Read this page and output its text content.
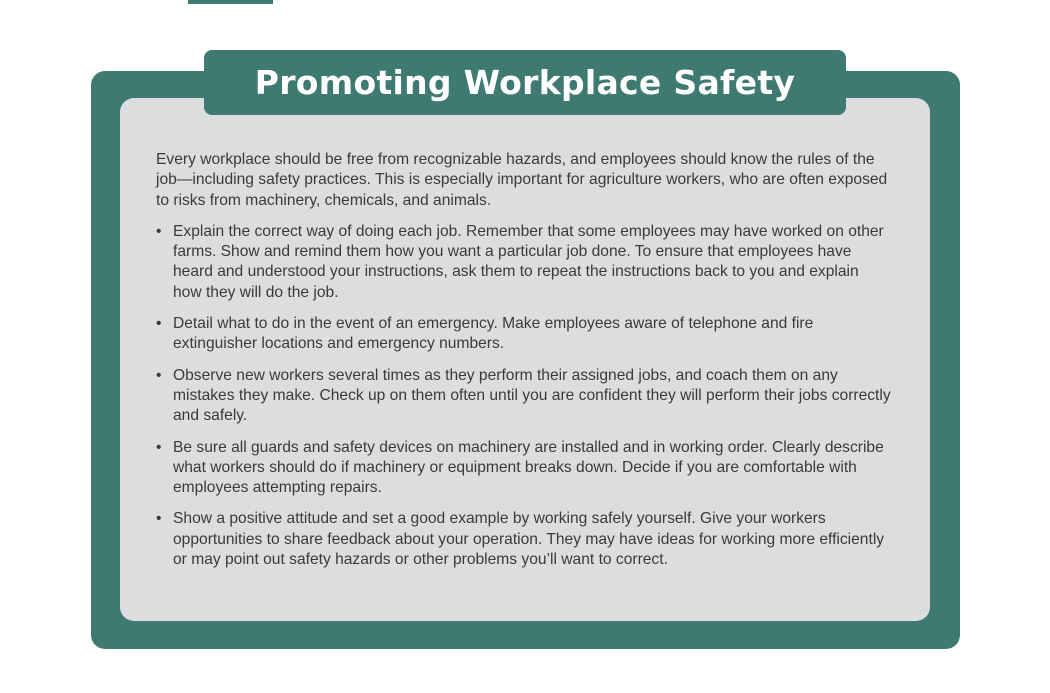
Promoting Workplace Safety

Every workplace should be free from recognizable hazards, and employees should know the rules of the job—including safety practices. This is especially important for agriculture workers, who are often exposed to risks from machinery, chemicals, and animals.

• Explain the correct way of doing each job. Remember that some employees may have worked on other farms. Show and remind them how you want a particular job done. To ensure that employees have heard and understood your instructions, ask them to repeat the instructions back to you and explain how they will do the job.
• Detail what to do in the event of an emergency. Make employees aware of telephone and fire extinguisher locations and emergency numbers.
• Observe new workers several times as they perform their assigned jobs, and coach them on any mistakes they make. Check up on them often until you are confident they will perform their jobs correctly and safely.
• Be sure all guards and safety devices on machinery are installed and in working order. Clearly describe what workers should do if machinery or equipment breaks down. Decide if you are comfortable with employees attempting repairs.
• Show a positive attitude and set a good example by working safely yourself. Give your workers opportunities to share feedback about your operation. They may have ideas for working more efficiently or may point out safety hazards or other problems you’ll want to correct.
